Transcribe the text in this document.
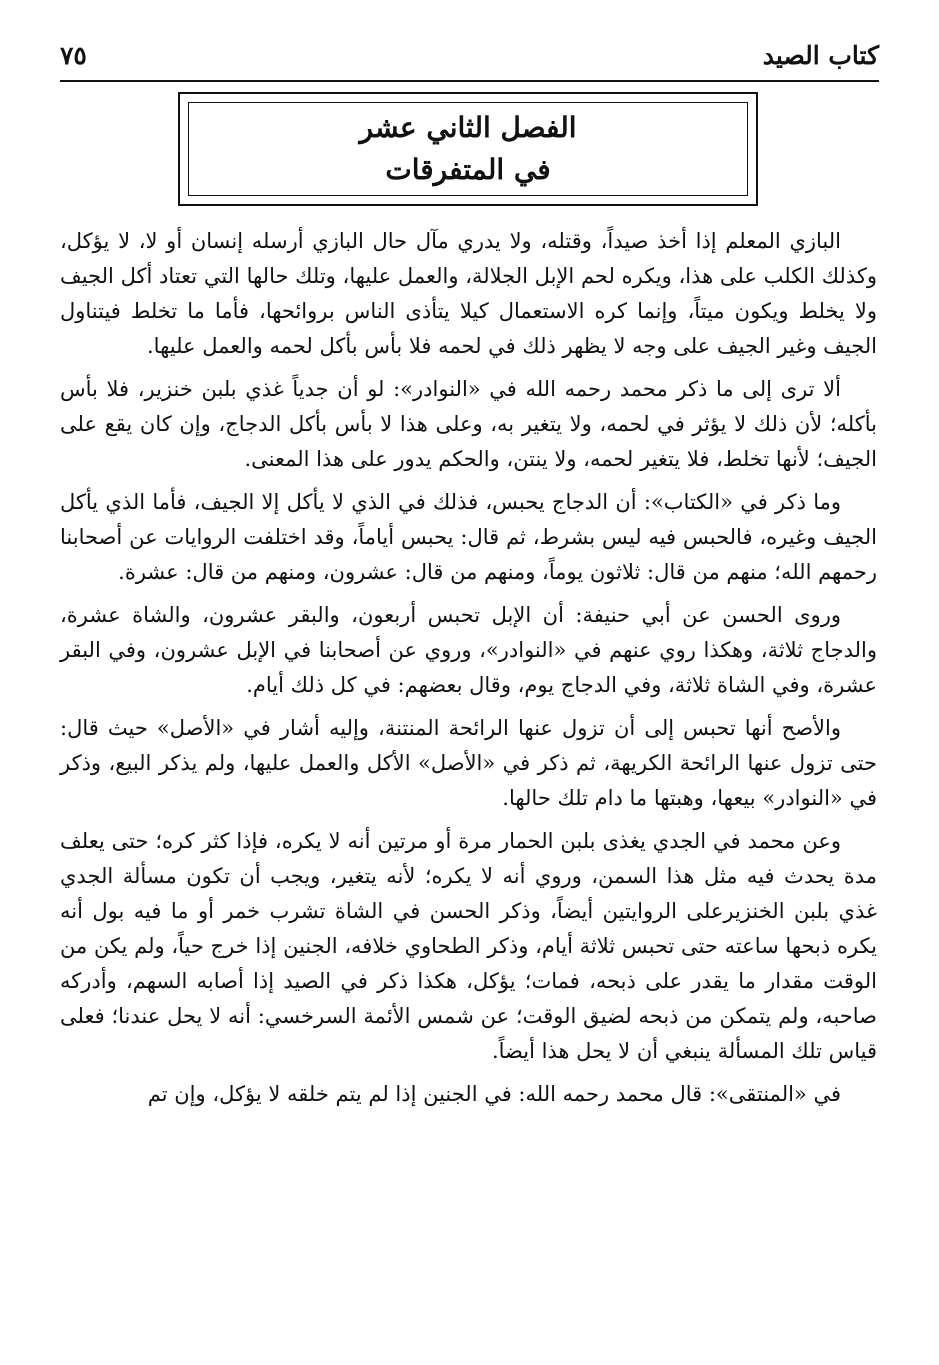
كتاب الصيد
٧٥
الفصل الثاني عشر
في المتفرقات

البازي المعلم إذا أخذ صيداً، وقتله، ولا يدري مآل حال البازي أرسله إنسان أو لا، لا يؤكل، وكذلك الكلب على هذا، ويكره لحم الإبل الجلالة، والعمل عليها، وتلك حالها التي تعتاد أكل الجيف ولا يخلط ويكون ميتاً، وإنما كره الاستعمال كيلا يتأذى الناس بروائحها، فأما ما تخلط فيتناول الجيف وغير الجيف على وجه لا يظهر ذلك في لحمه فلا بأس بأكل لحمه والعمل عليها.

ألا ترى إلى ما ذكر محمد رحمه الله في «النوادر»: لو أن جدياً غذي بلبن خنزير، فلا بأس بأكله؛ لأن ذلك لا يؤثر في لحمه، ولا يتغير به، وعلى هذا لا بأس بأكل الدجاج، وإن كان يقع على الجيف؛ لأنها تخلط، فلا يتغير لحمه، ولا ينتن، والحكم يدور على هذا المعنى.

وما ذكر في «الكتاب»: أن الدجاج يحبس، فذلك في الذي لا يأكل إلا الجيف، فأما الذي يأكل الجيف وغيره، فالحبس فيه ليس بشرط، ثم قال: يحبس أياماً، وقد اختلفت الروايات عن أصحابنا رحمهم الله؛ منهم من قال: ثلاثون يوماً، ومنهم من قال: عشرون، ومنهم من قال: عشرة.

وروى الحسن عن أبي حنيفة: أن الإبل تحبس أربعون، والبقر عشرون، والشاة عشرة، والدجاج ثلاثة، وهكذا روي عنهم في «النوادر»، وروي عن أصحابنا في الإبل عشرون، وفي البقر عشرة، وفي الشاة ثلاثة، وفي الدجاج يوم، وقال بعضهم: في كل ذلك أيام.

والأصح أنها تحبس إلى أن تزول عنها الرائحة المنتنة، وإليه أشار في «الأصل» حيث قال: حتى تزول عنها الرائحة الكريهة، ثم ذكر في «الأصل» الأكل والعمل عليها، ولم يذكر البيع، وذكر في «النوادر» بيعها، وهبتها ما دام تلك حالها.

وعن محمد في الجدي يغذى بلبن الحمار مرة أو مرتين أنه لا يكره، فإذا كثر كره؛ حتى يعلف مدة يحدث فيه مثل هذا السمن، وروي أنه لا يكره؛ لأنه يتغير، ويجب أن تكون مسألة الجدي غذي بلبن الخنزيرعلى الروايتين أيضاً، وذكر الحسن في الشاة تشرب خمر أو ما فيه بول أنه يكره ذبحها ساعته حتى تحبس ثلاثة أيام، وذكر الطحاوي خلافه، الجنين إذا خرج حياً، ولم يكن من الوقت مقدار ما يقدر على ذبحه، فمات؛ يؤكل، هكذا ذكر في الصيد إذا أصابه السهم، وأدركه صاحبه، ولم يتمكن من ذبحه لضيق الوقت؛ عن شمس الأئمة السرخسي: أنه لا يحل عندنا؛ فعلى قياس تلك المسألة ينبغي أن لا يحل هذا أيضاً.

في «المنتقى»: قال محمد رحمه الله: في الجنين إذا لم يتم خلقه لا يؤكل، وإن تم
